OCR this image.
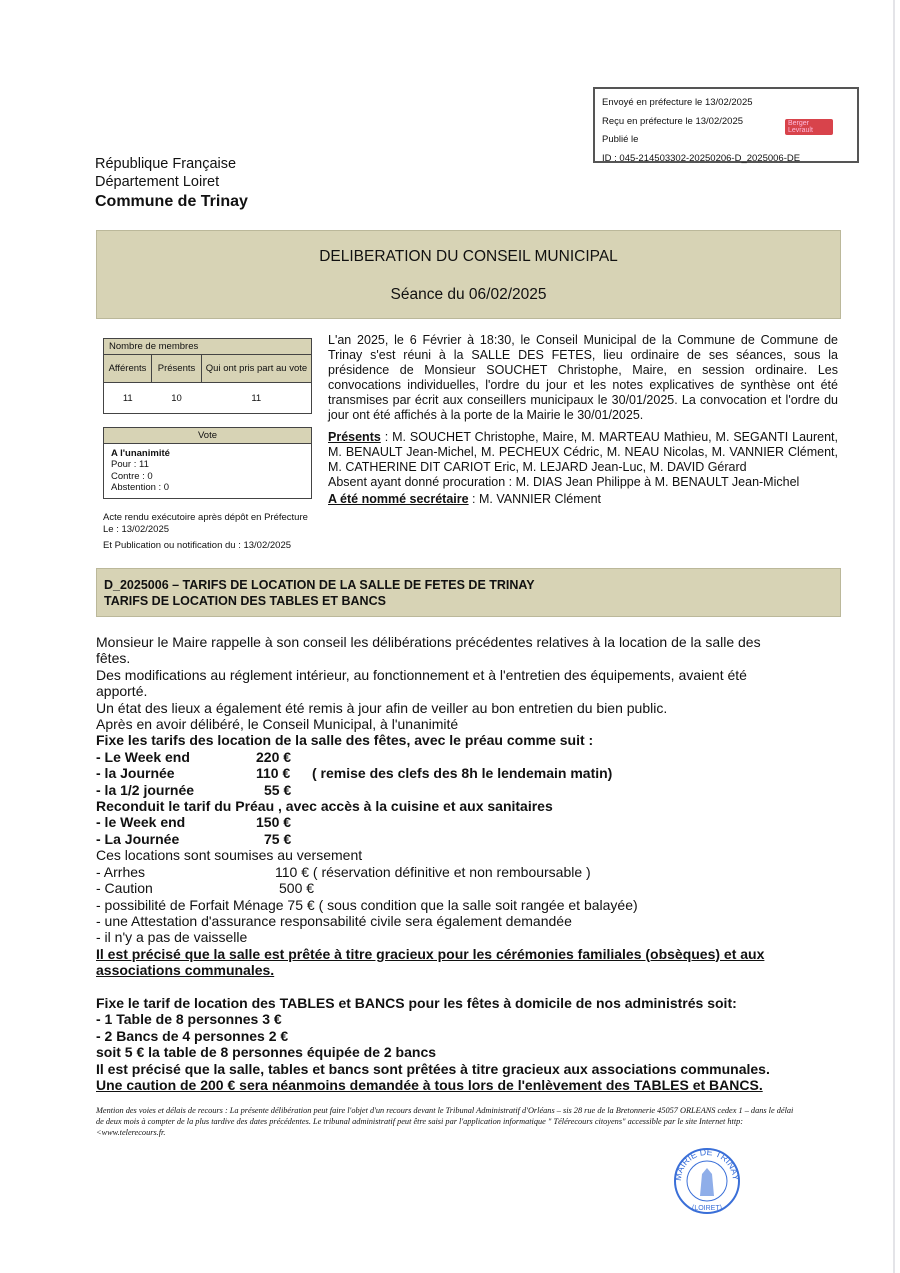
Envoyé en préfecture le 13/02/2025
Reçu en préfecture le 13/02/2025
Publié le
ID : 045-214503302-20250206-D_2025006-DE
Berger Levrault
République Française
Département Loiret
Commune de Trinay
DELIBERATION DU CONSEIL MUNICIPAL
Séance du 06/02/2025
Nombre de membres		
Afférents	Présents	Qui ont pris part au vote
11	10	11
Vote

A l'unanimité
Pour : 11
Contre : 0
Abstention : 0
Acte rendu exécutoire après dépôt en Préfecture
Le : 13/02/2025
Et Publication ou notification du : 13/02/2025

L'an 2025, le 6 Février à 18:30, le Conseil Municipal de la Commune de Commune de Trinay s'est réuni à la SALLE DES FETES, lieu ordinaire de ses séances, sous la présidence de Monsieur SOUCHET Christophe, Maire, en session ordinaire. Les convocations individuelles, l'ordre du jour et les notes explicatives de synthèse ont été transmises par écrit aux conseillers municipaux le 30/01/2025. La convocation et l'ordre du jour ont été affichés à la porte de la Mairie le 30/01/2025.

Présents : M. SOUCHET Christophe, Maire, M. MARTEAU Mathieu, M. SEGANTI Laurent, M. BENAULT Jean-Michel, M. PECHEUX Cédric, M. NEAU Nicolas, M. VANNIER Clément, M. CATHERINE DIT CARIOT Eric, M. LEJARD Jean-Luc, M. DAVID Gérard

Absent ayant donné procuration : M. DIAS Jean Philippe à M. BENAULT Jean-Michel

A été nommé secrétaire : M. VANNIER Clément

D_2025006 – TARIFS DE LOCATION DE LA SALLE DE FETES DE TRINAY
TARIFS DE LOCATION DES TABLES ET BANCS
Monsieur le Maire rappelle à son conseil les délibérations précédentes relatives à la location de la salle des
fêtes.
Des modifications au réglement intérieur, au fonctionnement et à l'entretien des équipements, avaient été
apporté.
Un état des lieux a également été remis à jour afin de veiller au bon entretien du bien public.
Après en avoir délibéré, le Conseil Municipal, à l'unanimité
Fixe les tarifs des location de la salle des fêtes, avec le préau comme suit :
- Le Week end	220 €
- la Journée	110 € ( remise des clefs des 8h le lendemain matin)
- la 1/2 journée	55 €
Reconduit le tarif du Préau , avec accès à la cuisine et aux sanitaires
- le Week end	150 €
- La Journée	75 €
Ces locations sont soumises au versement
- Arrhes	110 € ( réservation définitive et non remboursable )
- Caution	500 €
- possibilité de Forfait Ménage 75 € ( sous condition que la salle soit rangée et balayée)
- une Attestation d'assurance responsabilité civile sera également demandée
- il n'y a pas de vaisselle
Il est précisé que la salle est prêtée à titre gracieux pour les cérémonies familiales (obsèques) et aux
associations communales.
Fixe le tarif de location des TABLES et BANCS pour les fêtes à domicile de nos administrés soit:
- 1 Table de 8 personnes 3 €
- 2 Bancs de 4 personnes 2 €
soit 5 € la table de 8 personnes équipée de 2 bancs
Il est précisé que la salle, tables et bancs sont prêtées à titre gracieux aux associations communales.
Une caution de 200 € sera néanmoins demandée à tous lors de l'enlèvement des TABLES et BANCS.
Mention des voies et délais de recours : La présente délibération peut faire l'objet d'un recours devant le Tribunal Administratif d'Orléans – sis 28 rue de la Bretonnerie 45057 ORLEANS cedex 1 – dans le délai de deux mois à compter de la plus tardive des dates précédentes. Le tribunal administratif peut être saisi par l'application informatique " Télérecours citoyens" accessible par le site Internet http:<www.telerecours.fr.
MAIRIE DE TRINAY
(LOIRET)
